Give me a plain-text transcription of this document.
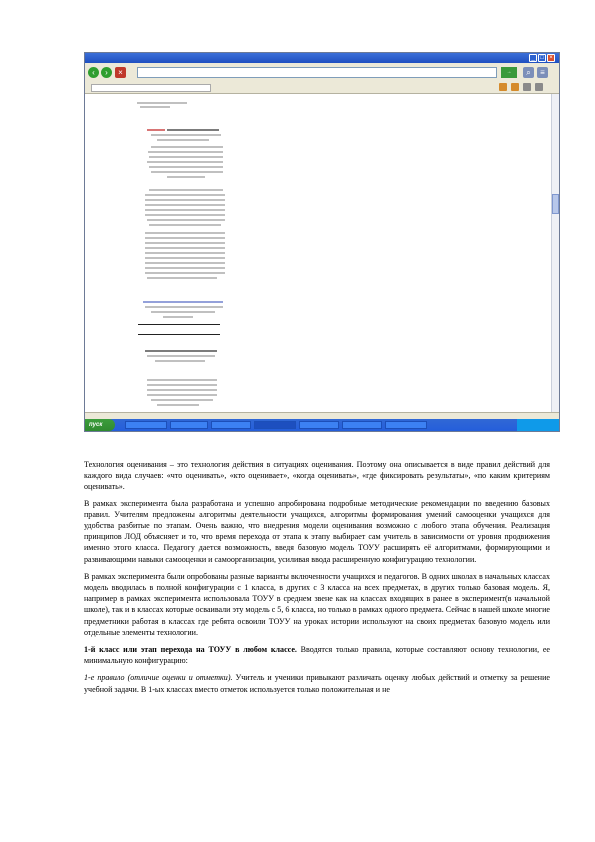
_ □ ×
‹	›	×	→	⌕	≡
пуск

Технология оценивания – это технология действия в ситуациях оценивания. Поэтому она описывается в виде правил действий для каждого вида случаев: «что оценивать», «кто оценивает», «когда оценивать», «где фиксировать результаты», «по каким критериям оценивать».

В рамках эксперимента была разработана и успешно апробирована подробные методические рекомендации по введению базовых правил. Учителям предложены алгоритмы деятельности учащихся, алгоритмы формирования умений самооценки учащихся для удобства разбитые по этапам. Очень важно, что внедрения модели оценивания возможно с любого этапа обучения. Реализация принципов ЛОД объясняет и то, что время перехода от этапа к этапу выбирает сам учитель в зависимости от уровня продвижения именно этого класса. Педагогу дается возможность, введя базовую модель ТОУУ расширять её алгоритмами, формирующими и развивающими навыки самооценки и самоорганизации, усиливая ввода расширенную конфигурацию технологии.

В рамках эксперимента были опробованы разные варианты включенности учащихся и педагогов. В одних школах в начальных классах модель вводилась в полной конфигурации с 1 класса, в других с 3 класса на всех предметах, в других только базовая модель. Я, например в рамках эксперимента использовала ТОУУ в среднем звене как на классах входящих в ранее в эксперимент(в начальной школе), так и в классах которые осваивали эту модель с 5, 6 класса, но только в рамках одного предмета. Сейчас в нашей школе многие предметники работая в классах где ребята освоили ТОУУ на уроках истории используют на своих предметах базовую модель или отдельные элементы технологии.

1-й класс или этап перехода на ТОУУ в любом классе. Вводятся только правила, которые составляют основу технологии, ее минимальную конфигурацию:

1-е правило (отличие оценки и отметки). Учитель и ученики привыкают различать оценку любых действий и отметку за решение учебной задачи. В 1-ых классах вместо отметок используется только положительная и не
